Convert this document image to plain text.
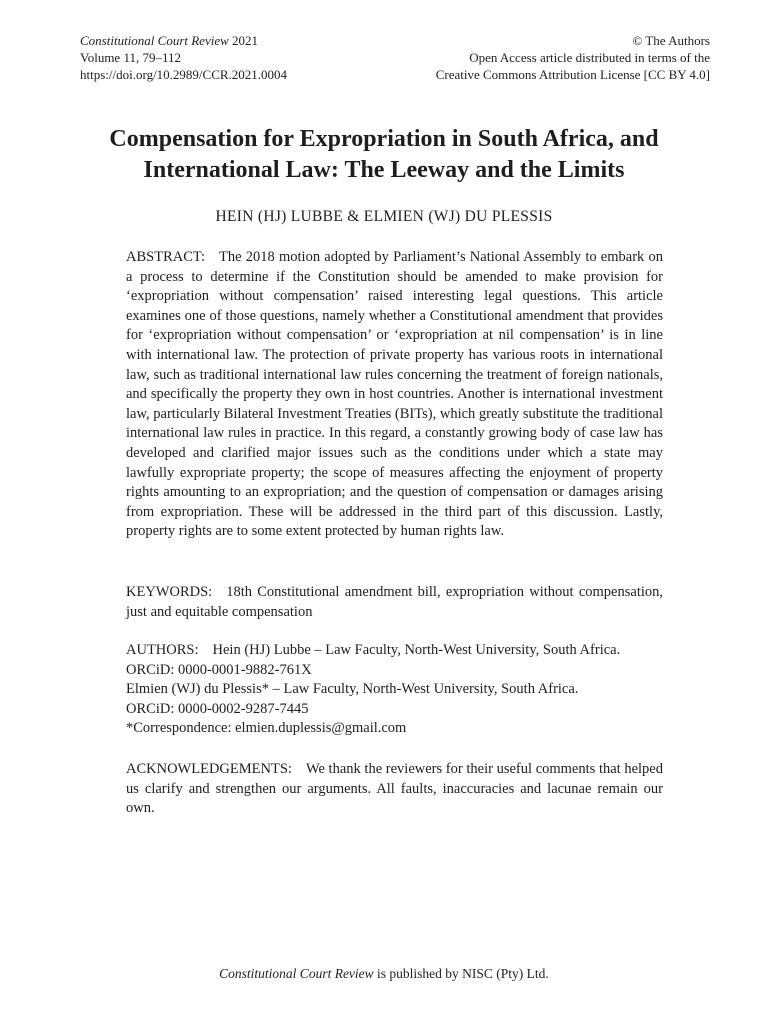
Constitutional Court Review 2021
Volume 11, 79–112
https://doi.org/10.2989/CCR.2021.0004
© The Authors
Open Access article distributed in terms of the
Creative Commons Attribution License [CC BY 4.0]
Compensation for Expropriation in South Africa, and
International Law: The Leeway and the Limits

HEIN (HJ) LUBBE & ELMIEN (WJ) DU PLESSIS

ABSTRACT: The 2018 motion adopted by Parliament’s National Assembly to embark on a process to determine if the Constitution should be amended to make provision for ‘expropriation without compensation’ raised interesting legal questions. This article examines one of those questions, namely whether a Constitutional amendment that provides for ‘expropriation without compensation’ or ‘expropriation at nil compensation’ is in line with international law. The protection of private property has various roots in international law, such as traditional international law rules concerning the treatment of foreign nationals, and specifically the property they own in host countries. Another is international investment law, particularly Bilateral Investment Treaties (BITs), which greatly substitute the traditional international law rules in practice. In this regard, a constantly growing body of case law has developed and clarified major issues such as the conditions under which a state may lawfully expropriate property; the scope of measures affecting the enjoyment of property rights amounting to an expropriation; and the question of compensation or damages arising from expropriation. These will be addressed in the third part of this discussion. Lastly, property rights are to some extent protected by human rights law.

KEYWORDS: 18th Constitutional amendment bill, expropriation without compensation, just and equitable compensation

AUTHORS: Hein (HJ) Lubbe – Law Faculty, North-West University, South Africa.
ORCiD: 0000-0001-9882-761X
Elmien (WJ) du Plessis* – Law Faculty, North-West University, South Africa.
ORCiD: 0000-0002-9287-7445
*Correspondence: elmien.duplessis@gmail.com

ACKNOWLEDGEMENTS: We thank the reviewers for their useful comments that helped us clarify and strengthen our arguments. All faults, inaccuracies and lacunae remain our own.

Constitutional Court Review is published by NISC (Pty) Ltd.
